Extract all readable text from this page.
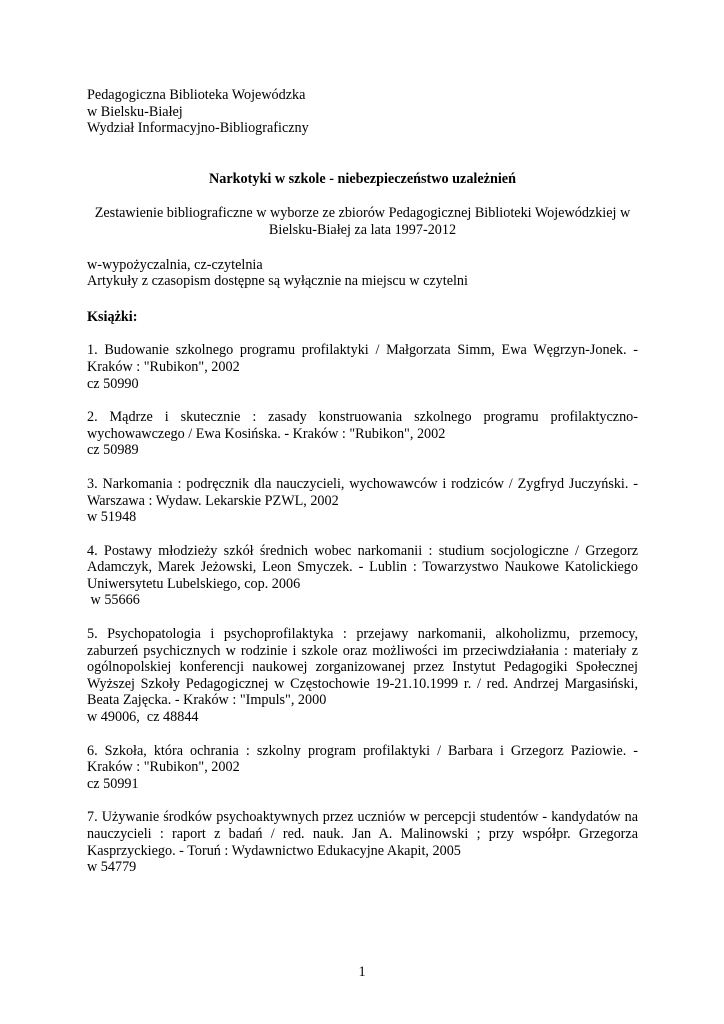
Pedagogiczna Biblioteka Wojewódzka
w Bielsku-Białej
Wydział Informacyjno-Bibliograficzny
Narkotyki w szkole - niebezpieczeństwo uzależnień
Zestawienie bibliograficzne w wyborze ze zbiorów Pedagogicznej Biblioteki Wojewódzkiej w Bielsku-Białej za lata 1997-2012
w-wypożyczalnia, cz-czytelnia
Artykuły z czasopism dostępne są wyłącznie na miejscu w czytelni
Książki:
1. Budowanie szkolnego programu profilaktyki / Małgorzata Simm, Ewa Węgrzyn-Jonek. - Kraków : "Rubikon", 2002
cz 50990
2. Mądrze i skutecznie : zasady konstruowania szkolnego programu profilaktyczno-wychowawczego / Ewa Kosińska. - Kraków : "Rubikon", 2002
cz 50989
3. Narkomania : podręcznik dla nauczycieli, wychowawców i rodziców / Zygfryd Juczyński. - Warszawa : Wydaw. Lekarskie PZWL, 2002
w 51948
4. Postawy młodzieży szkół średnich wobec narkomanii : studium socjologiczne / Grzegorz Adamczyk, Marek Jeżowski, Leon Smyczek. - Lublin : Towarzystwo Naukowe Katolickiego Uniwersytetu Lubelskiego, cop. 2006
w 55666
5. Psychopatologia i psychoprofilaktyka : przejawy narkomanii, alkoholizmu, przemocy, zaburzeń psychicznych w rodzinie i szkole oraz możliwości im przeciwdziałania : materiały z ogólnopolskiej konferencji naukowej zorganizowanej przez Instytut Pedagogiki Społecznej Wyższej Szkoły Pedagogicznej w Częstochowie 19-21.10.1999 r. / red. Andrzej Margasiński, Beata Zajęcka. - Kraków : "Impuls", 2000
w 49006,  cz 48844
6. Szkoła, która ochrania : szkolny program profilaktyki / Barbara i Grzegorz Paziowie. - Kraków : "Rubikon", 2002
cz 50991
7. Używanie środków psychoaktywnych przez uczniów w percepcji studentów - kandydatów na nauczycieli : raport z badań / red. nauk. Jan A. Malinowski ; przy współpr. Grzegorza Kasprzyckiego. - Toruń : Wydawnictwo Edukacyjne Akapit, 2005
w 54779
1
